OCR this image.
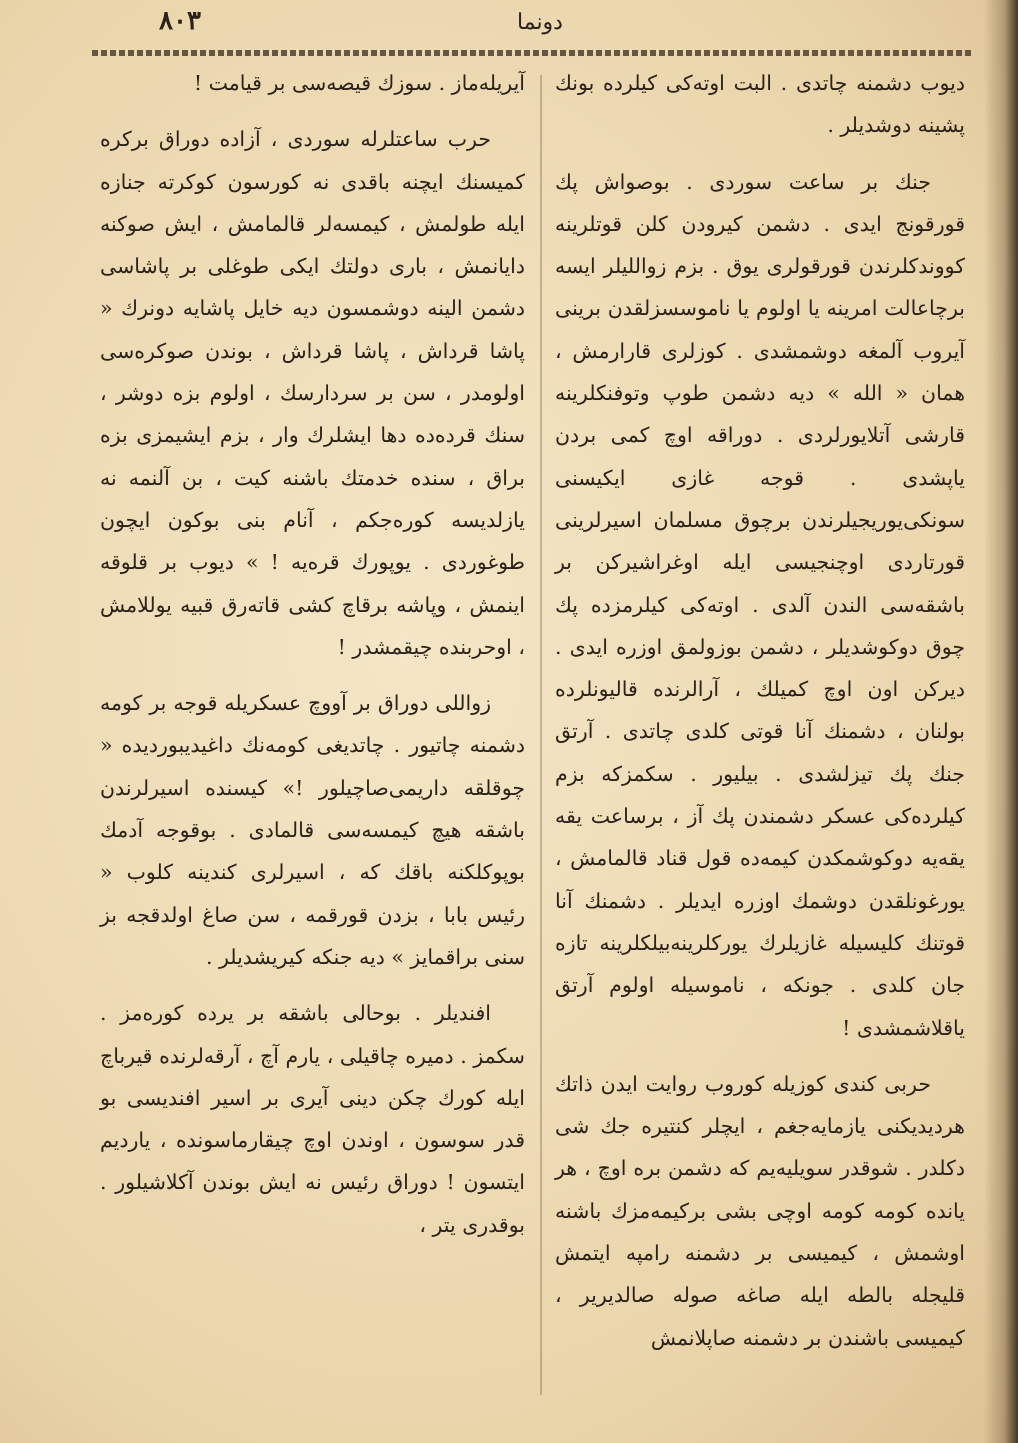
٨٠٣	دونما

دیوب دشمنه چاتدی . البت اوته‌كی كیلرده بونك پشینه دوشدیلر .

جنك بر ساعت سوردی . بوصواش پك قورقونج ایدی . دشمن كیرودن كلن قوتلرینه كووندكلرندن قورقولری یوق . بزم زواللیلر ایسه برچاعالت امرینه یا اولوم یا ناموسسزلقدن برینی آیروب آلمغه دوشمشدی . كوزلری قارارمش ، همان « الله » دیه دشمن طوپ وتوفنكلرینه قارشی آتلایورلردی . دوراقه اوچ كمی بردن یاپشدی . قوجه غازی ایكیسنی سونكی‌یوریجیلرندن برچوق مسلمان اسیرلرینی قورتاردی اوچنجیسی ایله اوغراشیركن بر باشقه‌سی الندن آلدی . اوته‌كی كیلرمزده پك چوق دوكوشدیلر ، دشمن بوزولمق اوزره ایدی . دیركن اون اوچ كمیلك ، آرالرنده قالیونلرده بولنان ، دشمنك آنا قوتی كلدی چاتدی . آرتق جنك پك تیزلشدی . بیلیور . سكمزكه بزم كیلرده‌كی عسكر دشمندن پك آز ، برساعت یقه یقه‌یه دوكوشمكدن كیمه‌ده قول قناد قالمامش ، یورغونلقدن دوشمك اوزره ایدیلر . دشمنك آنا قوتنك كلیسیله غازیلرك یوركلرینه‌بیلكلرینه تازه جان كلدی . جونكه ، ناموسیله اولوم آرتق یاقلاشمشدی !

حربی كندی كوزیله كوروب روایت ایدن ذاتك هردیدیكنی یازمایه‌جغم ، ایچلر كنتیره جك شی دكلدر . شوقدر سویلیه‌یم كه دشمن بره اوچ ، هر یانده كومه كومه اوچی بشی بركیمه‌مزك باشنه اوشمش ، كیمیسی بر دشمنه رامپه ایتمش قلیجله بالطه ایله صاغه صوله صالدیریر ، كیمیسی باشندن بر دشمنه صاپلانمش

آیریله‌ماز . سوزك قیصه‌سی بر قیامت !

حرب ساعتلرله سوردی ، آزاده دوراق بركره كمیسنك ایچنه باقدی نه كورسون كوكرته جنازه ایله طولمش ، كیمسه‌لر قالمامش ، ایش صوكنه دایانمش ، باری دولتك ایكی طوغلی بر پاشاسی دشمن الینه دوشمسون دیه خایل پاشایه دونرك « پاشا قرداش ، پاشا قرداش ، بوندن صوكره‌سی اولومدر ، سن بر سردارسك ، اولوم بزه دوشر ، سنك قرده‌ده دها ایشلرك وار ، بزم ایشیمزی بزه براق ، سنده خدمتك باشنه كیت ، بن آلنمه نه یازلدیسه كوره‌جكم ، آنام بنی بوكون ایچون طوغوردی . یوپورك قره‌یه ! » دیوب بر قلوقه اینمش ، وپاشه برقاچ كشی قاته‌رق قبیه یوللامش ، اوحربنده چیقمشدر !

زواللی دوراق بر آووچ عسكریله قوجه بر كومه دشمنه چاتیور . چاتدیغی كومه‌نك داغیدیبوردیده « چوقلقه داریمی‌صاچیلور !» كیسنده اسیرلرندن باشقه هیچ كیمسه‌سی قالمادی . بوقوجه آدمك بوپوكلكنه باقك كه ، اسیرلری كندینه كلوب « رئیس بابا ، بزدن قورقمه ، سن صاغ اولدقجه بز سنی براقمایز » دیه جنكه كیریشدیلر .

افندیلر . بوحالی باشقه بر یرده كوره‌مز . سكمز . دمیره چاقیلی ، یارم آچ ، آرقه‌لرنده قیرباچ ایله كورك چكن دینی آیری بر اسیر افندیسی بو قدر سوسون ، اوندن اوچ چیقارماسونده ، یاردیم ایتسون ! دوراق رئیس نه ایش بوندن آكلاشیلور . بوقدری یتر ،
